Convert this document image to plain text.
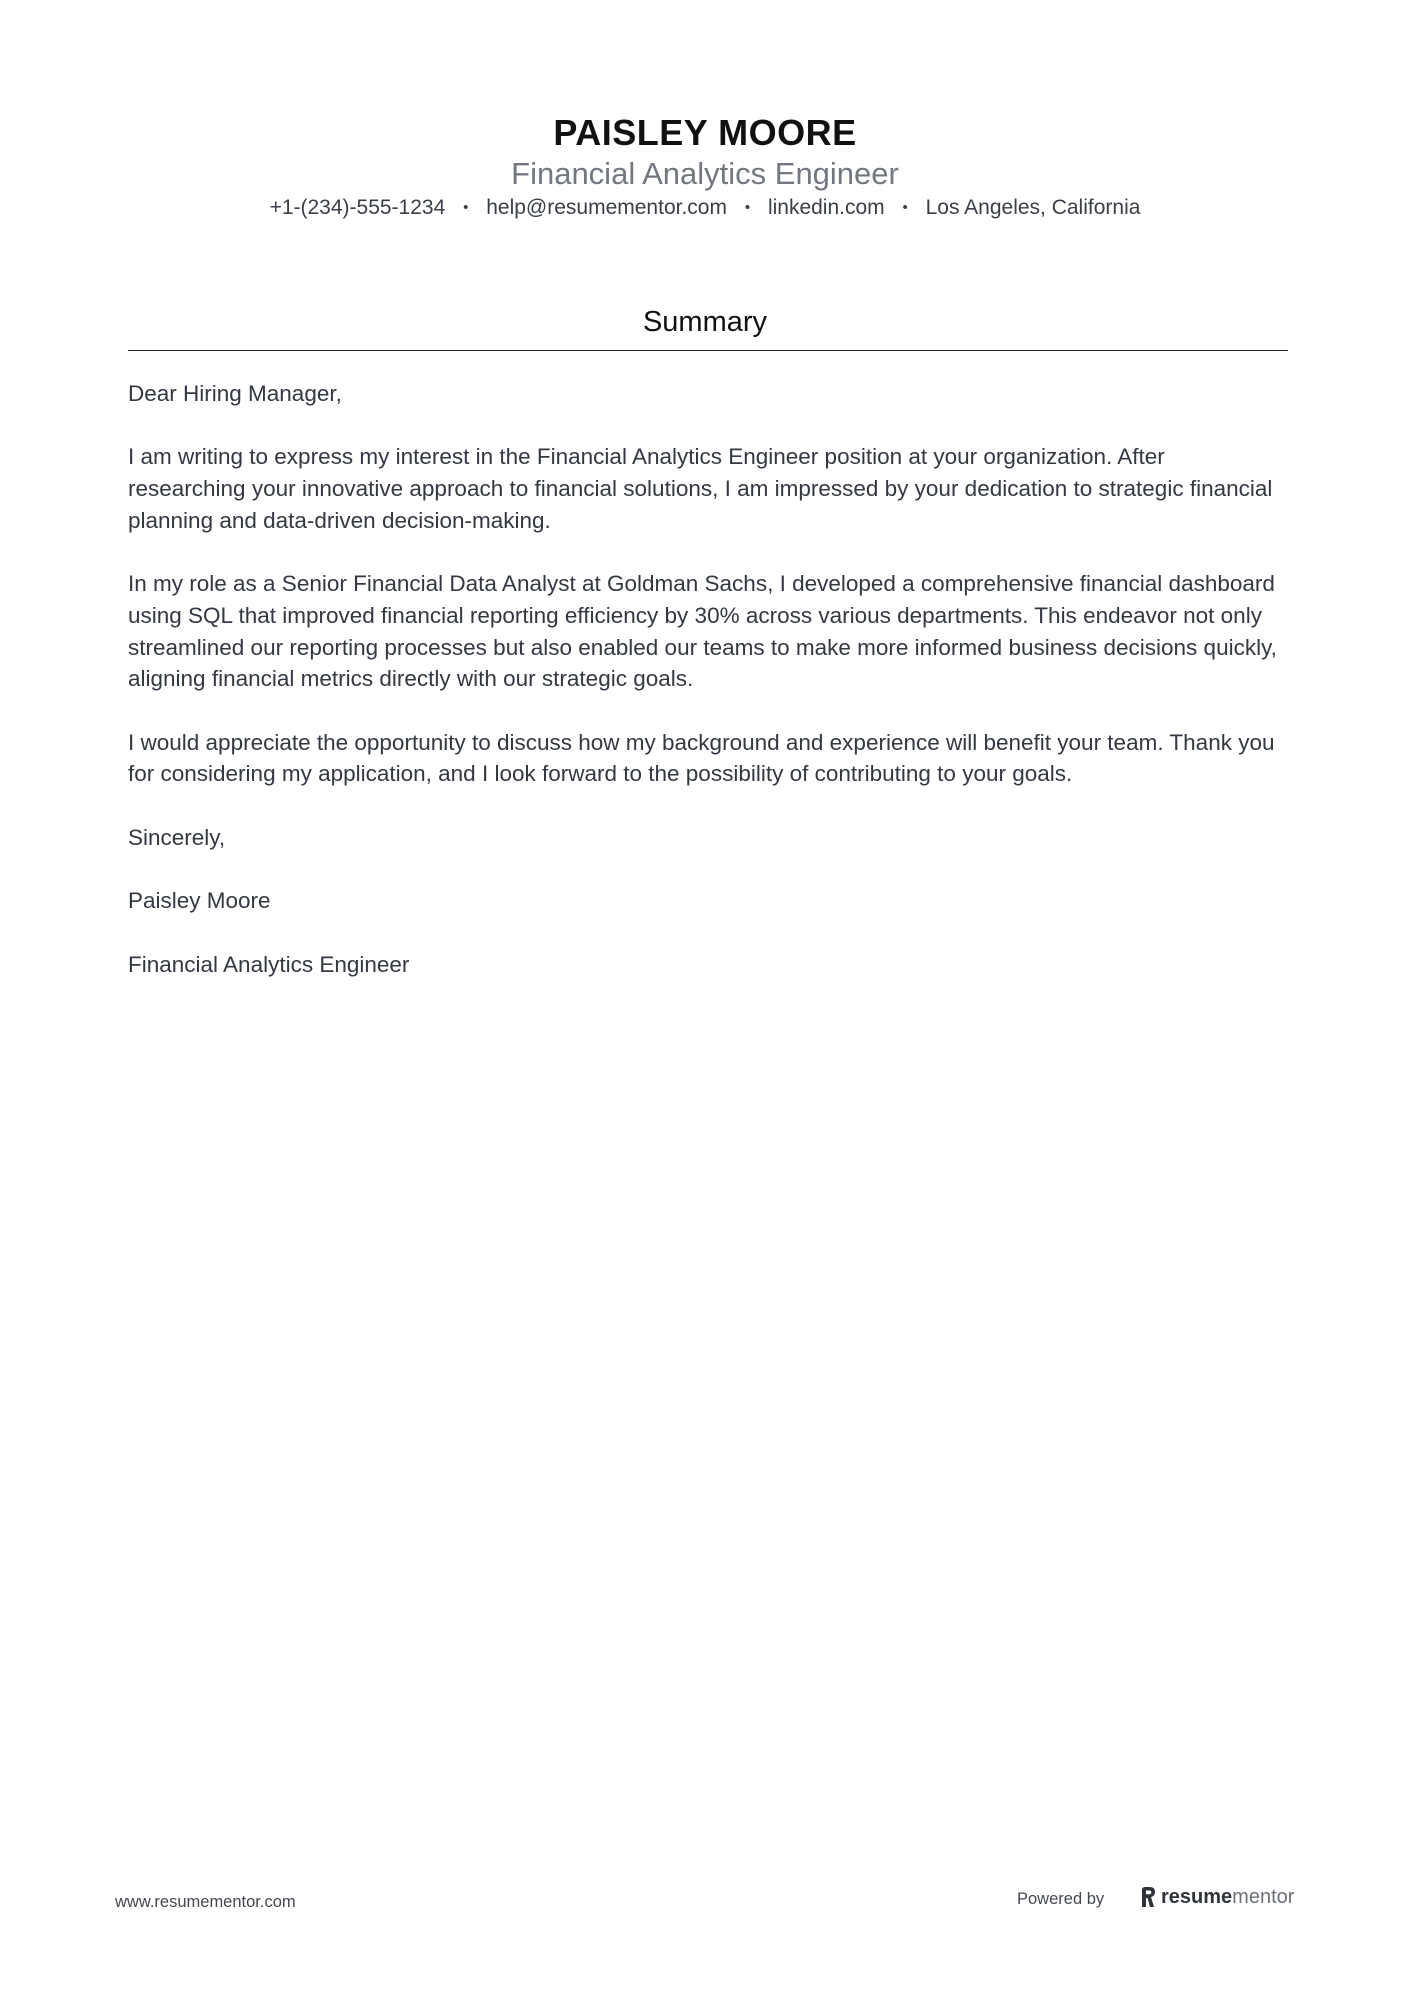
PAISLEY MOORE
Financial Analytics Engineer
+1-(234)-555-1234 • help@resumementor.com • linkedin.com • Los Angeles, California
Summary

Dear Hiring Manager,

I am writing to express my interest in the Financial Analytics Engineer position at your organization. After researching your innovative approach to financial solutions, I am impressed by your dedication to strategic financial planning and data-driven decision-making.

In my role as a Senior Financial Data Analyst at Goldman Sachs, I developed a comprehensive financial dashboard using SQL that improved financial reporting efficiency by 30% across various departments. This endeavor not only streamlined our reporting processes but also enabled our teams to make more informed business decisions quickly, aligning financial metrics directly with our strategic goals.

I would appreciate the opportunity to discuss how my background and experience will benefit your team. Thank you for considering my application, and I look forward to the possibility of contributing to your goals.

Sincerely,

Paisley Moore

Financial Analytics Engineer

www.resumementor.com	Powered by	resume mentor
